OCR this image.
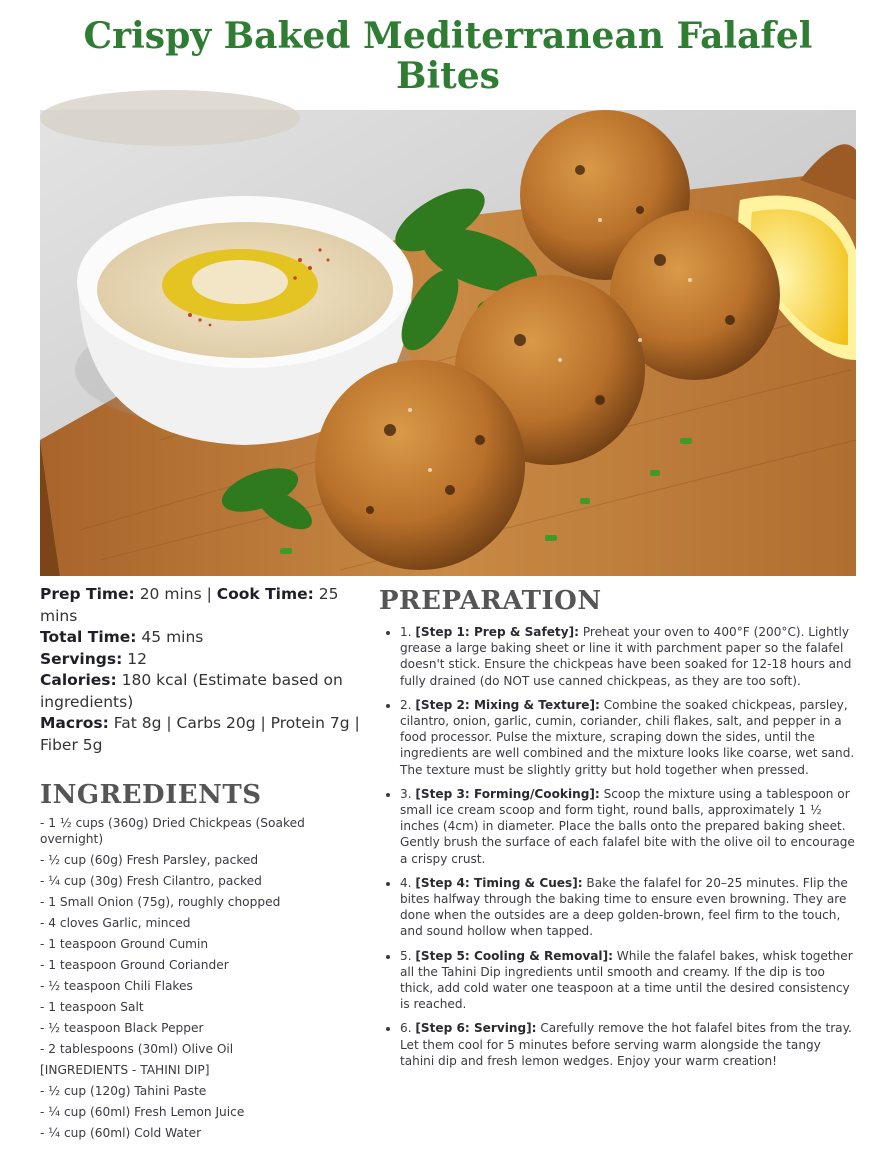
Crispy Baked Mediterranean Falafel Bites

Prep Time: 20 mins | Cook Time: 25 mins
Total Time: 45 mins
Servings: 12
Calories: 180 kcal (Estimate based on ingredients)
Macros: Fat 8g | Carbs 20g | Protein 7g | Fiber 5g

INGREDIENTS
- 1 ½ cups (360g) Dried Chickpeas (Soaked overnight)
- ½ cup (60g) Fresh Parsley, packed
- ¼ cup (30g) Fresh Cilantro, packed
- 1 Small Onion (75g), roughly chopped
- 4 cloves Garlic, minced
- 1 teaspoon Ground Cumin
- 1 teaspoon Ground Coriander
- ½ teaspoon Chili Flakes
- 1 teaspoon Salt
- ½ teaspoon Black Pepper
- 2 tablespoons (30ml) Olive Oil
[INGREDIENTS - TAHINI DIP]
- ½ cup (120g) Tahini Paste
- ¼ cup (60ml) Fresh Lemon Juice
- ¼ cup (60ml) Cold Water
PREPARATION
• 1. [Step 1: Prep & Safety]: Preheat your oven to 400°F (200°C). Lightly grease a large baking sheet or line it with parchment paper so the falafel doesn't stick. Ensure the chickpeas have been soaked for 12-18 hours and fully drained (do NOT use canned chickpeas, as they are too soft).
• 2. [Step 2: Mixing & Texture]: Combine the soaked chickpeas, parsley, cilantro, onion, garlic, cumin, coriander, chili flakes, salt, and pepper in a food processor. Pulse the mixture, scraping down the sides, until the ingredients are well combined and the mixture looks like coarse, wet sand. The texture must be slightly gritty but hold together when pressed.
• 3. [Step 3: Forming/Cooking]: Scoop the mixture using a tablespoon or small ice cream scoop and form tight, round balls, approximately 1 ½ inches (4cm) in diameter. Place the balls onto the prepared baking sheet. Gently brush the surface of each falafel bite with the olive oil to encourage a crispy crust.
• 4. [Step 4: Timing & Cues]: Bake the falafel for 20–25 minutes. Flip the bites halfway through the baking time to ensure even browning. They are done when the outsides are a deep golden-brown, feel firm to the touch, and sound hollow when tapped.
• 5. [Step 5: Cooling & Removal]: While the falafel bakes, whisk together all the Tahini Dip ingredients until smooth and creamy. If the dip is too thick, add cold water one teaspoon at a time until the desired consistency is reached.
• 6. [Step 6: Serving]: Carefully remove the hot falafel bites from the tray. Let them cool for 5 minutes before serving warm alongside the tangy tahini dip and fresh lemon wedges. Enjoy your warm creation!
